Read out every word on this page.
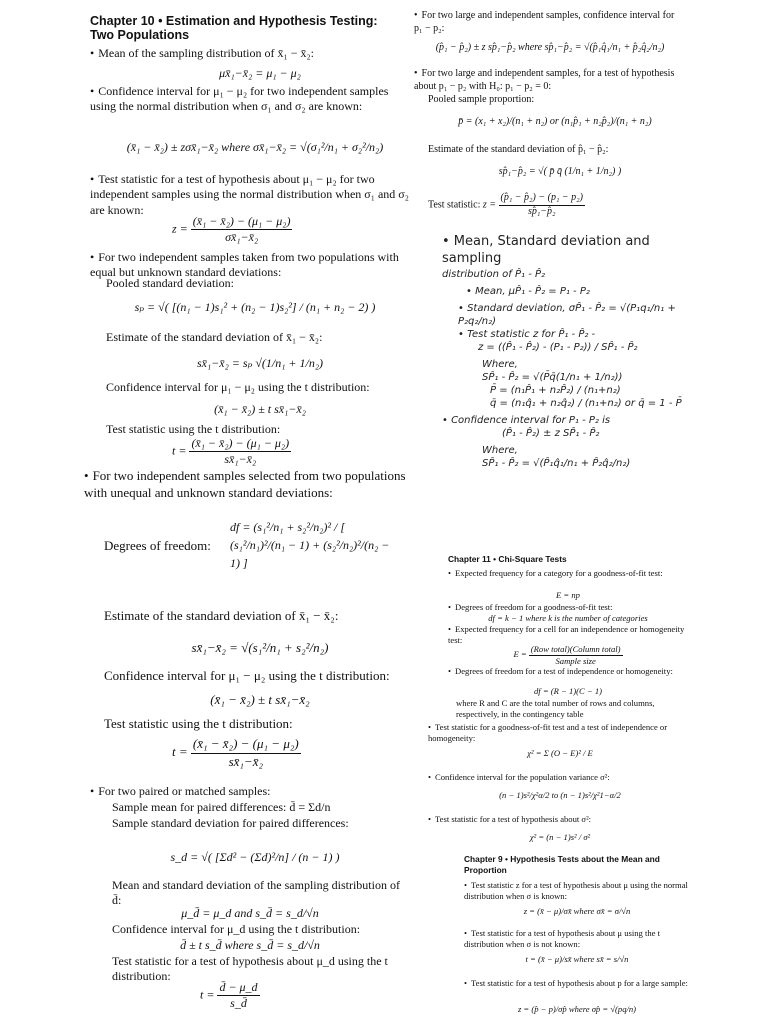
Chapter 10 • Estimation and Hypothesis Testing: Two Populations
• Mean of the sampling distribution of x̄₁ − x̄₂:
μx̄₁−x̄₂ = μ₁ − μ₂
• Confidence interval for μ₁ − μ₂ for two independent samples using the normal distribution when σ₁ and σ₂ are known:
(x̄₁ − x̄₂) ± zσx̄₁−x̄₂ where σx̄₁−x̄₂ = √(σ₁²/n₁ + σ₂²/n₂)
• Test statistic for a test of hypothesis about μ₁ − μ₂ for two independent samples using the normal distribution when σ₁ and σ₂ are known:
$z = \frac{\text{(x̄₁ − x̄₂) − (μ₁ − μ₂)}}{\text{σx̄₁−x̄₂}}$
• For two independent samples taken from two populations with equal but unknown standard deviations:
Pooled standard deviation:
sₚ = √( [(n₁ − 1)s₁² + (n₂ − 1)s₂²] / (n₁ + n₂ − 2) )
Estimate of the standard deviation of x̄₁ − x̄₂:
sx̄₁−x̄₂ = sₚ √(1/n₁ + 1/n₂)
Confidence interval for μ₁ − μ₂ using the t distribution:
(x̄₁ − x̄₂) ± t sx̄₁−x̄₂
Test statistic using the t distribution:
$t = \frac{\text{(x̄₁ − x̄₂) − (μ₁ − μ₂)}}{\text{sx̄₁−x̄₂}}$
• For two independent samples selected from two populations with unequal and unknown standard deviations:
Degrees of freedom:
df = (s₁²/n₁ + s₂²/n₂)² / [ (s₁²/n₁)²/(n₁ − 1) + (s₂²/n₂)²/(n₂ − 1) ]
Estimate of the standard deviation of x̄₁ − x̄₂:
sx̄₁−x̄₂ = √(s₁²/n₁ + s₂²/n₂)
Confidence interval for μ₁ − μ₂ using the t distribution:
(x̄₁ − x̄₂) ± t sx̄₁−x̄₂
Test statistic using the t distribution:
$t = \frac{\text{(x̄₁ − x̄₂) − (μ₁ − μ₂)}}{\text{sx̄₁−x̄₂}}$
• For two paired or matched samples:
Sample mean for paired differences: d̄ = Σd/n
Sample standard deviation for paired differences:
s_d = √( [Σd² − (Σd)²/n] / (n − 1) )
Mean and standard deviation of the sampling distribution of d̄:
μ_d̄ = μ_d and s_d̄ = s_d/√n
Confidence interval for μ_d using the t distribution:
d̄ ± t s_d̄ where s_d̄ = s_d/√n
Test statistic for a test of hypothesis about μ_d using the t distribution:
$t = \frac{d̄ - \mu\_d}{s\_d̄}$
• For two large and independent samples, confidence interval for p₁ − p₂:
(p̂₁ − p̂₂) ± z sp̂₁−p̂₂ where sp̂₁−p̂₂ = √(p̂₁q̂₁/n₁ + p̂₂q̂₂/n₂)
• For two large and independent samples, for a test of hypothesis about p₁ − p₂ with H₀: p₁ − p₂ = 0:
Pooled sample proportion:
p̄ = (x₁ + x₂)/(n₁ + n₂) or (n₁p̂₁ + n₂p̂₂)/(n₁ + n₂)
Estimate of the standard deviation of p̂₁ − p̂₂:
sp̂₁−p̂₂ = √( p̄ q̄ (1/n₁ + 1/n₂) )
Test statistic: $z = \frac{\text{(p̂₁ − p̂₂) − (p₁ − p₂)}}{\text{sp̂₁−p̂₂}}$
• Mean, Standard deviation and sampling
distribution of P̂₁ - P̂₂
• Mean, μP̂₁ - P̂₂ = P₁ - P₂
• Standard deviation, σP̂₁ - P̂₂ = √(P₁q₁/n₁ + P₂q₂/n₂)
• Test statistic z for P̂₁ - P̂₂ -
z = ((P̂₁ - P̂₂) - (P₁ - P₂)) / SP̂₁ - P̂₂
Where,
SP̂₁ - P̂₂ = √(P̄q̄(1/n₁ + 1/n₂))
P̄ = (n₁P̂₁ + n₂P̂₂) / (n₁+n₂)
q̄ = (n₁q̂₁ + n₂q̂₂) / (n₁+n₂) or q̄ = 1 - P̄
• Confidence interval for P₁ - P₂ is
(P̂₁ - P̂₂) ± z SP̂₁ - P̂₂
Where,
SP̂₁ - P̂₂ = √(P̂₁q̂₁/n₁ + P̂₂q̂₂/n₂)
Chapter 11 • Chi-Square Tests
• Expected frequency for a category for a goodness-of-fit test:
E = np
• Degrees of freedom for a goodness-of-fit test:
df = k − 1 where k is the number of categories
• Expected frequency for a cell for an independence or homogeneity test:
E =
(Row total)(Column total)
Sample size
• Degrees of freedom for a test of independence or homogeneity:
df = (R − 1)(C − 1)
where R and C are the total number of rows and columns, respectively, in the contingency table
• Test statistic for a goodness-of-fit test and a test of independence or homogeneity:
χ² = Σ (O − E)² / E
• Confidence interval for the population variance σ²:
(n − 1)s²/χ²α/2 to (n − 1)s²/χ²1−α/2
• Test statistic for a test of hypothesis about σ²:
χ² = (n − 1)s² / σ²
Chapter 9 • Hypothesis Tests about the Mean and Proportion
• Test statistic z for a test of hypothesis about μ using the normal distribution when σ is known:
z = (x̄ − μ)/σx̄ where σx̄ = σ/√n
• Test statistic for a test of hypothesis about μ using the t distribution when σ is not known:
t = (x̄ − μ)/sx̄ where sx̄ = s/√n
• Test statistic for a test of hypothesis about p for a large sample:
z = (p̂ − p)/σp̂ where σp̂ = √(pq/n)
